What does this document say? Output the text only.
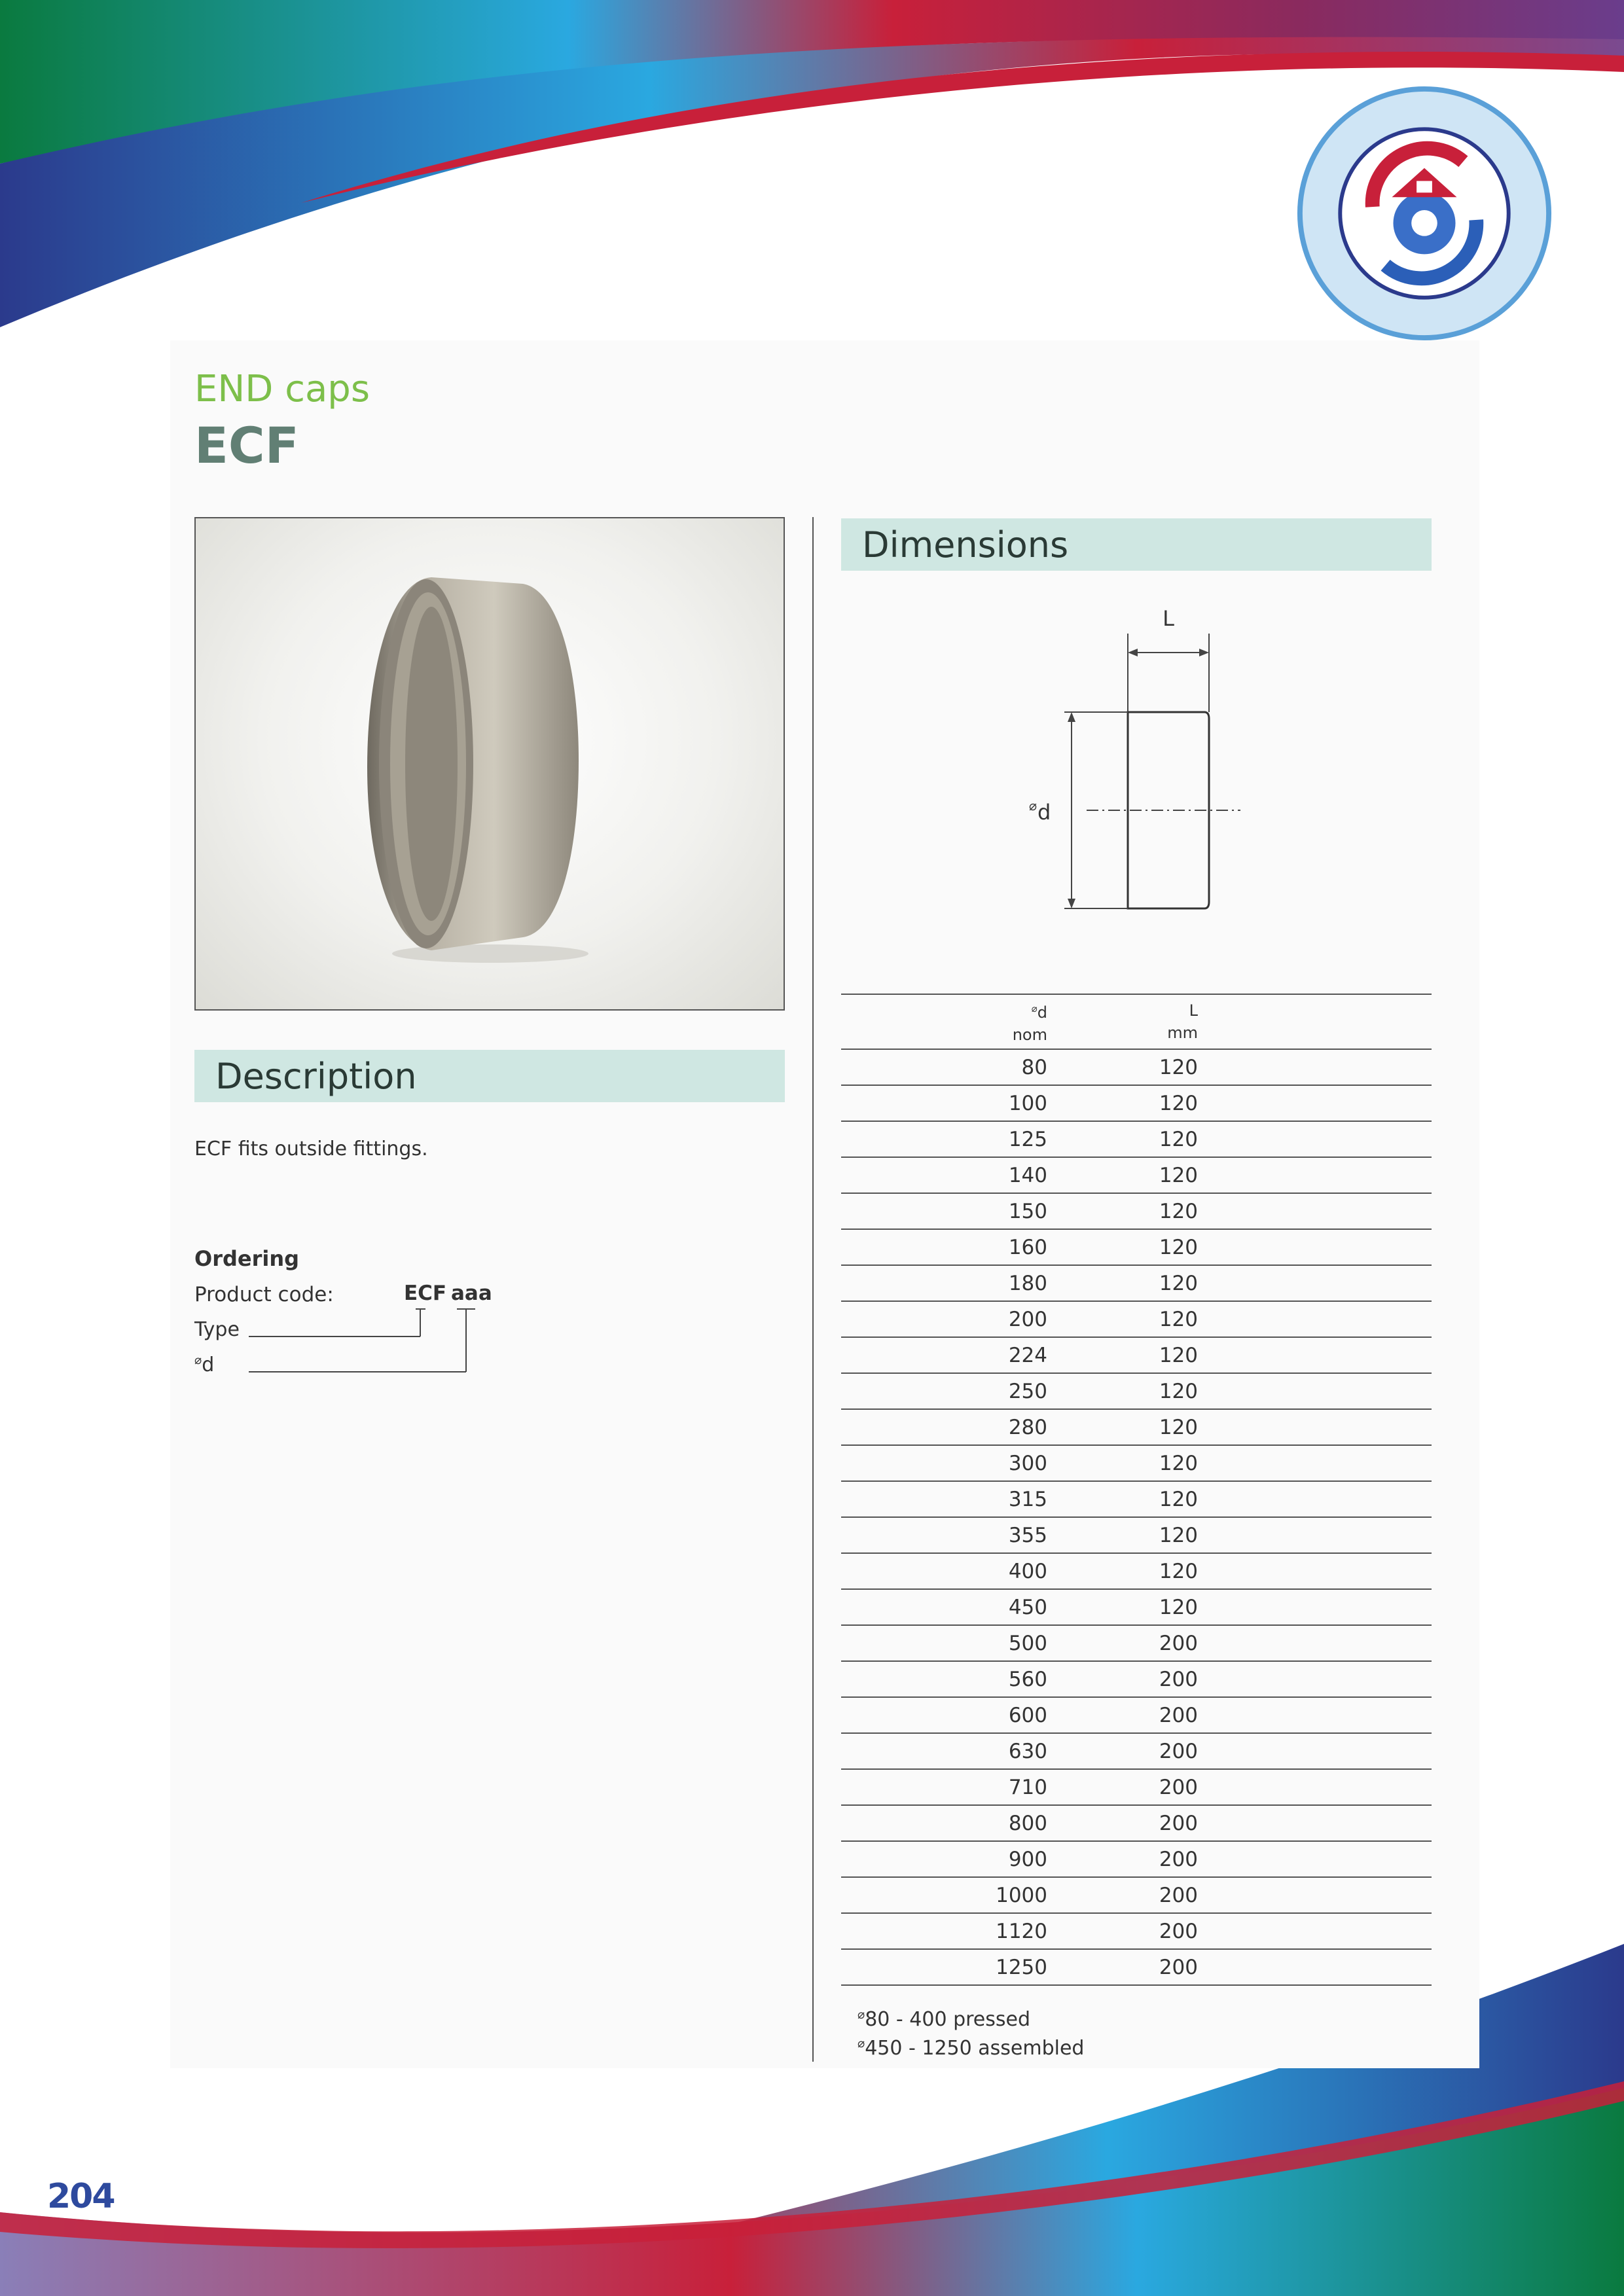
END caps
ECF
Description
ECF fits outside fittings.
Ordering
Product code:	ECF aaa
Type
⌀d
Dimensions
L
⌀ d
⌀d
nom	L
mm	
80	120	
100	120	
125	120	
140	120	
150	120	
160	120	
180	120	
200	120	
224	120	
250	120	
280	120	
300	120	
315	120	
355	120	
400	120	
450	120	
500	200	
560	200	
600	200	
630	200	
710	200	
800	200	
900	200	
1000	200	
1120	200	
1250	200	
⌀80 - 400 pressed
⌀450 - 1250 assembled
204
